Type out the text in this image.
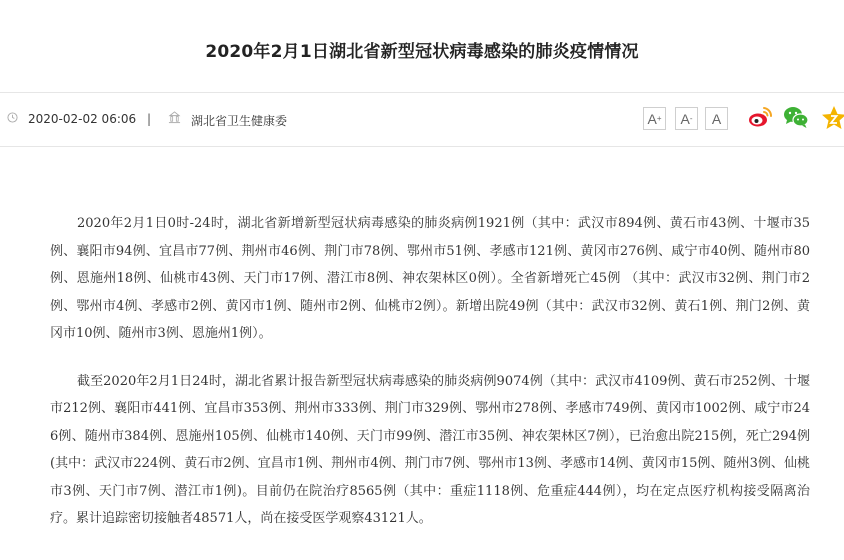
2020年2月1日湖北省新型冠状病毒感染的肺炎疫情情况
2020-02-02 06:06 |	湖北省卫生健康委	A + A - A

2020年2月1日0时-24时，湖北省新增新型冠状病毒感染的肺炎病例1921例（其中：武汉市894例、黄石市43例、十堰市35例、襄阳市94例、宜昌市77例、荆州市46例、荆门市78例、鄂州市51例、孝感市121例、黄冈市276例、咸宁市40例、随州市80例、恩施州18例、仙桃市43例、天门市17例、潜江市8例、神农架林区0例）。全省新增死亡45例 （其中：武汉市32例、荆门市2例、鄂州市4例、孝感市2例、黄冈市1例、随州市2例、仙桃市2例）。新增出院49例（其中：武汉市32例、黄石1例、荆门2例、黄冈市10例、随州市3例、恩施州1例）。

截至2020年2月1日24时，湖北省累计报告新型冠状病毒感染的肺炎病例9074例（其中：武汉市4109例、黄石市252例、十堰市212例、襄阳市441例、宜昌市353例、荆州市333例、荆门市329例、鄂州市278例、孝感市749例、黄冈市1002例、咸宁市246例、随州市384例、恩施州105例、仙桃市140例、天门市99例、潜江市35例、神农架林区7例），已治愈出院215例，死亡294例(其中：武汉市224例、黄石市2例、宜昌市1例、荆州市4例、荆门市7例、鄂州市13例、孝感市14例、黄冈市15例、随州3例、仙桃市3例、天门市7例、潜江市1例)。目前仍在院治疗8565例（其中：重症1118例、危重症444例），均在定点医疗机构接受隔离治疗。累计追踪密切接触者48571人，尚在接受医学观察43121人。
